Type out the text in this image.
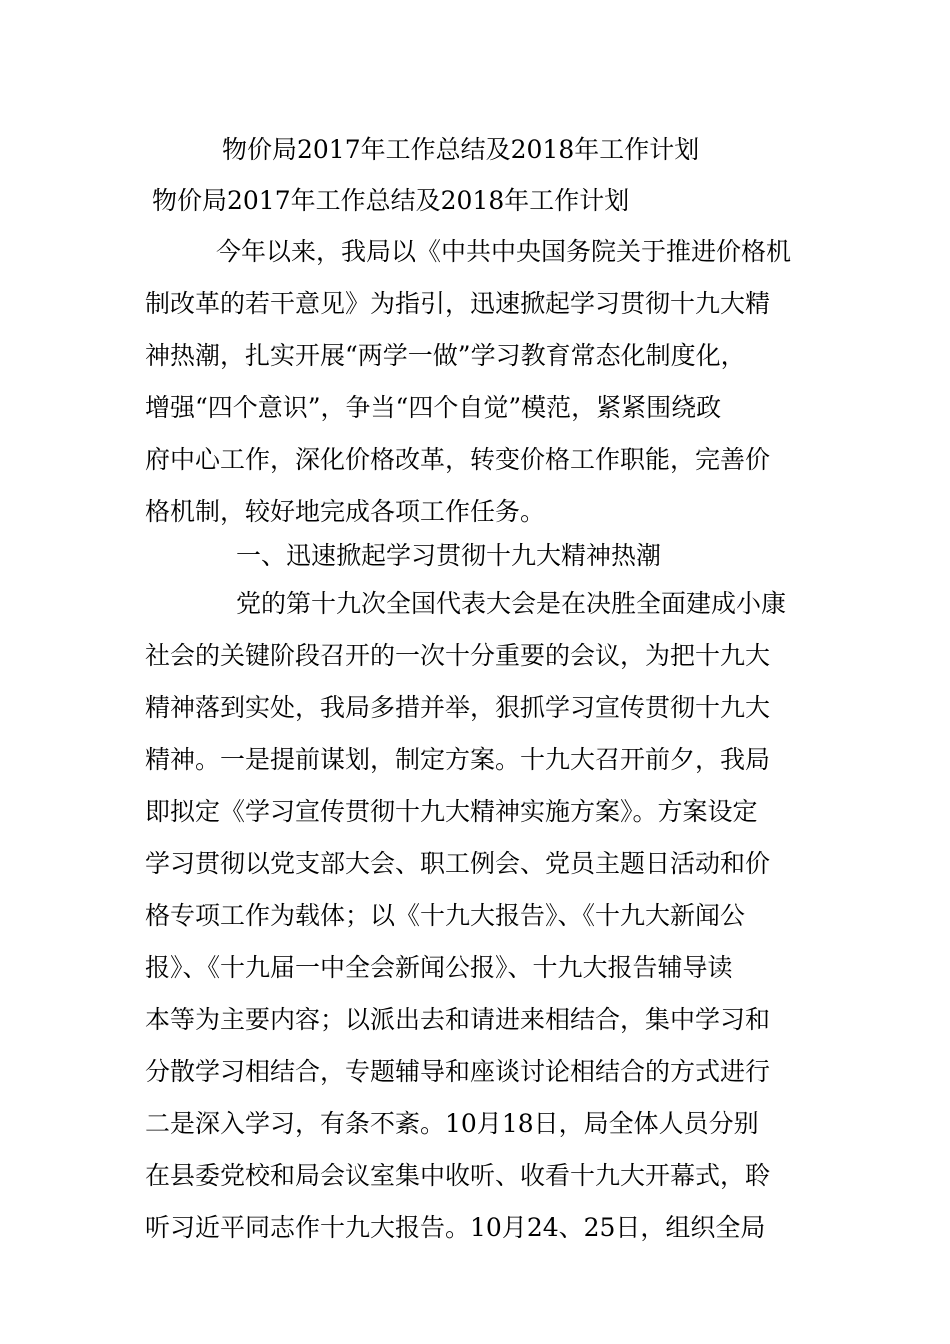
物价局2017年工作总结及2018年工作计划
物价局2017年工作总结及2018年工作计划

今年以来，我局以《中共中央国务院关于推进价格机

制改革的若干意见》为指引，迅速掀起学习贯彻十九大精

神热潮，扎实开展“两学一做”学习教育常态化制度化，

增强“四个意识”，争当“四个自觉”模范，紧紧围绕政

府中心工作，深化价格改革，转变价格工作职能，完善价

格机制，较好地完成各项工作任务。

一、迅速掀起学习贯彻十九大精神热潮

党的第十九次全国代表大会是在决胜全面建成小康

社会的关键阶段召开的一次十分重要的会议，为把十九大

精神落到实处，我局多措并举，狠抓学习宣传贯彻十九大

精神。一是提前谋划，制定方案。十九大召开前夕，我局

即拟定《学习宣传贯彻十九大精神实施方案》。方案设定

学习贯彻以党支部大会、职工例会、党员主题日活动和价

格专项工作为载体；以《十九大报告》、《十九大新闻公

报》、《十九届一中全会新闻公报》、十九大报告辅导读

本等为主要内容；以派出去和请进来相结合，集中学习和

分散学习相结合，专题辅导和座谈讨论相结合的方式进行

二是深入学习，有条不紊。10月18日，局全体人员分别

在县委党校和局会议室集中收听、收看十九大开幕式，聆

听习近平同志作十九大报告。10月24、25日，组织全局
